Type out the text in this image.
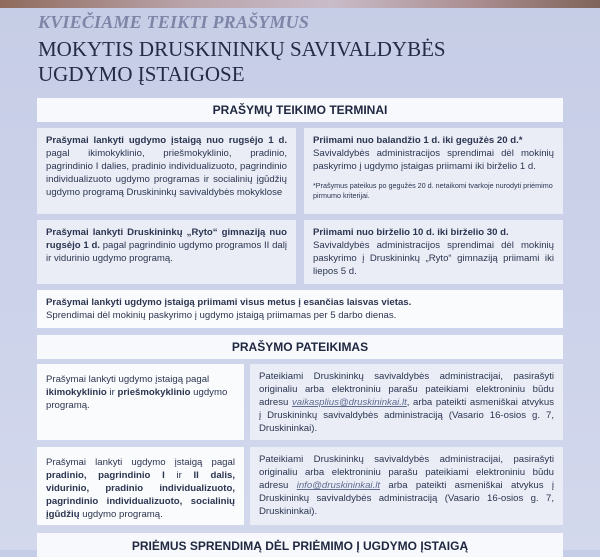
KVIEČIAME TEIKTI PRAŠYMUS
MOKYTIS DRUSKININKŲ SAVIVALDYBĖS
UGDYMO ĮSTAIGOSE
PRAŠYMŲ TEIKIMO TERMINAI
Prašymai lankyti ugdymo įstaigą nuo rugsėjo 1 d. pagal ikimokyklinio, priešmokyklinio, pradinio, pagrindinio I dalies, pradinio individualizuoto, pagrindinio individualizuoto ugdymo programas ir socialinių įgūdžių ugdymo programą Druskininkų savivaldybės mokyklose
Priimami nuo balandžio 1 d. iki gegužės 20 d.*
Savivaldybės administracijos sprendimai dėl mokinių paskyrimo į ugdymo įstaigas priimami iki birželio 1 d.
*Prašymus pateikus po gegužės 20 d. netaikomi tvarkoje nurodyti priėmimo pirmumo kriterijai.
Prašymai lankyti Druskininkų „Ryto“ gimnaziją nuo rugsėjo 1 d. pagal pagrindinio ugdymo programos II dalį ir vidurinio ugdymo programą.
Priimami nuo birželio 10 d. iki birželio 30 d.
Savivaldybės administracijos sprendimai dėl mokinių paskyrimo į Druskininkų „Ryto“ gimnaziją priimami iki liepos 5 d.
Prašymai lankyti ugdymo įstaigą priimami visus metus į esančias laisvas vietas.
Sprendimai dėl mokinių paskyrimo į ugdymo įstaigą priimamas per 5 darbo dienas.
PRAŠYMO PATEIKIMAS
Prašymai lankyti ugdymo įstaigą pagal ikimokyklinio ir priešmokyklinio ugdymo programą.
Pateikiami Druskininkų savivaldybės administracijai, pasirašyti originaliu arba elektroniniu parašu pateikiami elektroniniu būdu adresu vaikasplius@druskininkai.lt, arba pateikti asmeniškai atvykus į Druskininkų savivaldybės administraciją (Vasario 16-osios g. 7, Druskininkai).
Prašymai lankyti ugdymo įstaigą pagal pradinio, pagrindinio I ir II dalis, vidurinio, pradinio individualizuoto, pagrindinio individualizuoto, socialinių įgūdžių ugdymo programą.
Pateikiami Druskininkų savivaldybės administracijai, pasirašyti originaliu arba elektroniniu parašu pateikiami elektroniniu būdu adresu info@druskininkai.lt arba pateikti asmeniškai atvykus į Druskininkų savivaldybės administraciją (Vasario 16-osios g. 7, Druskininkai).
PRIĖMUS SPRENDIMĄ DĖL PRIĖMIMO Į UGDYMO ĮSTAIGĄ
